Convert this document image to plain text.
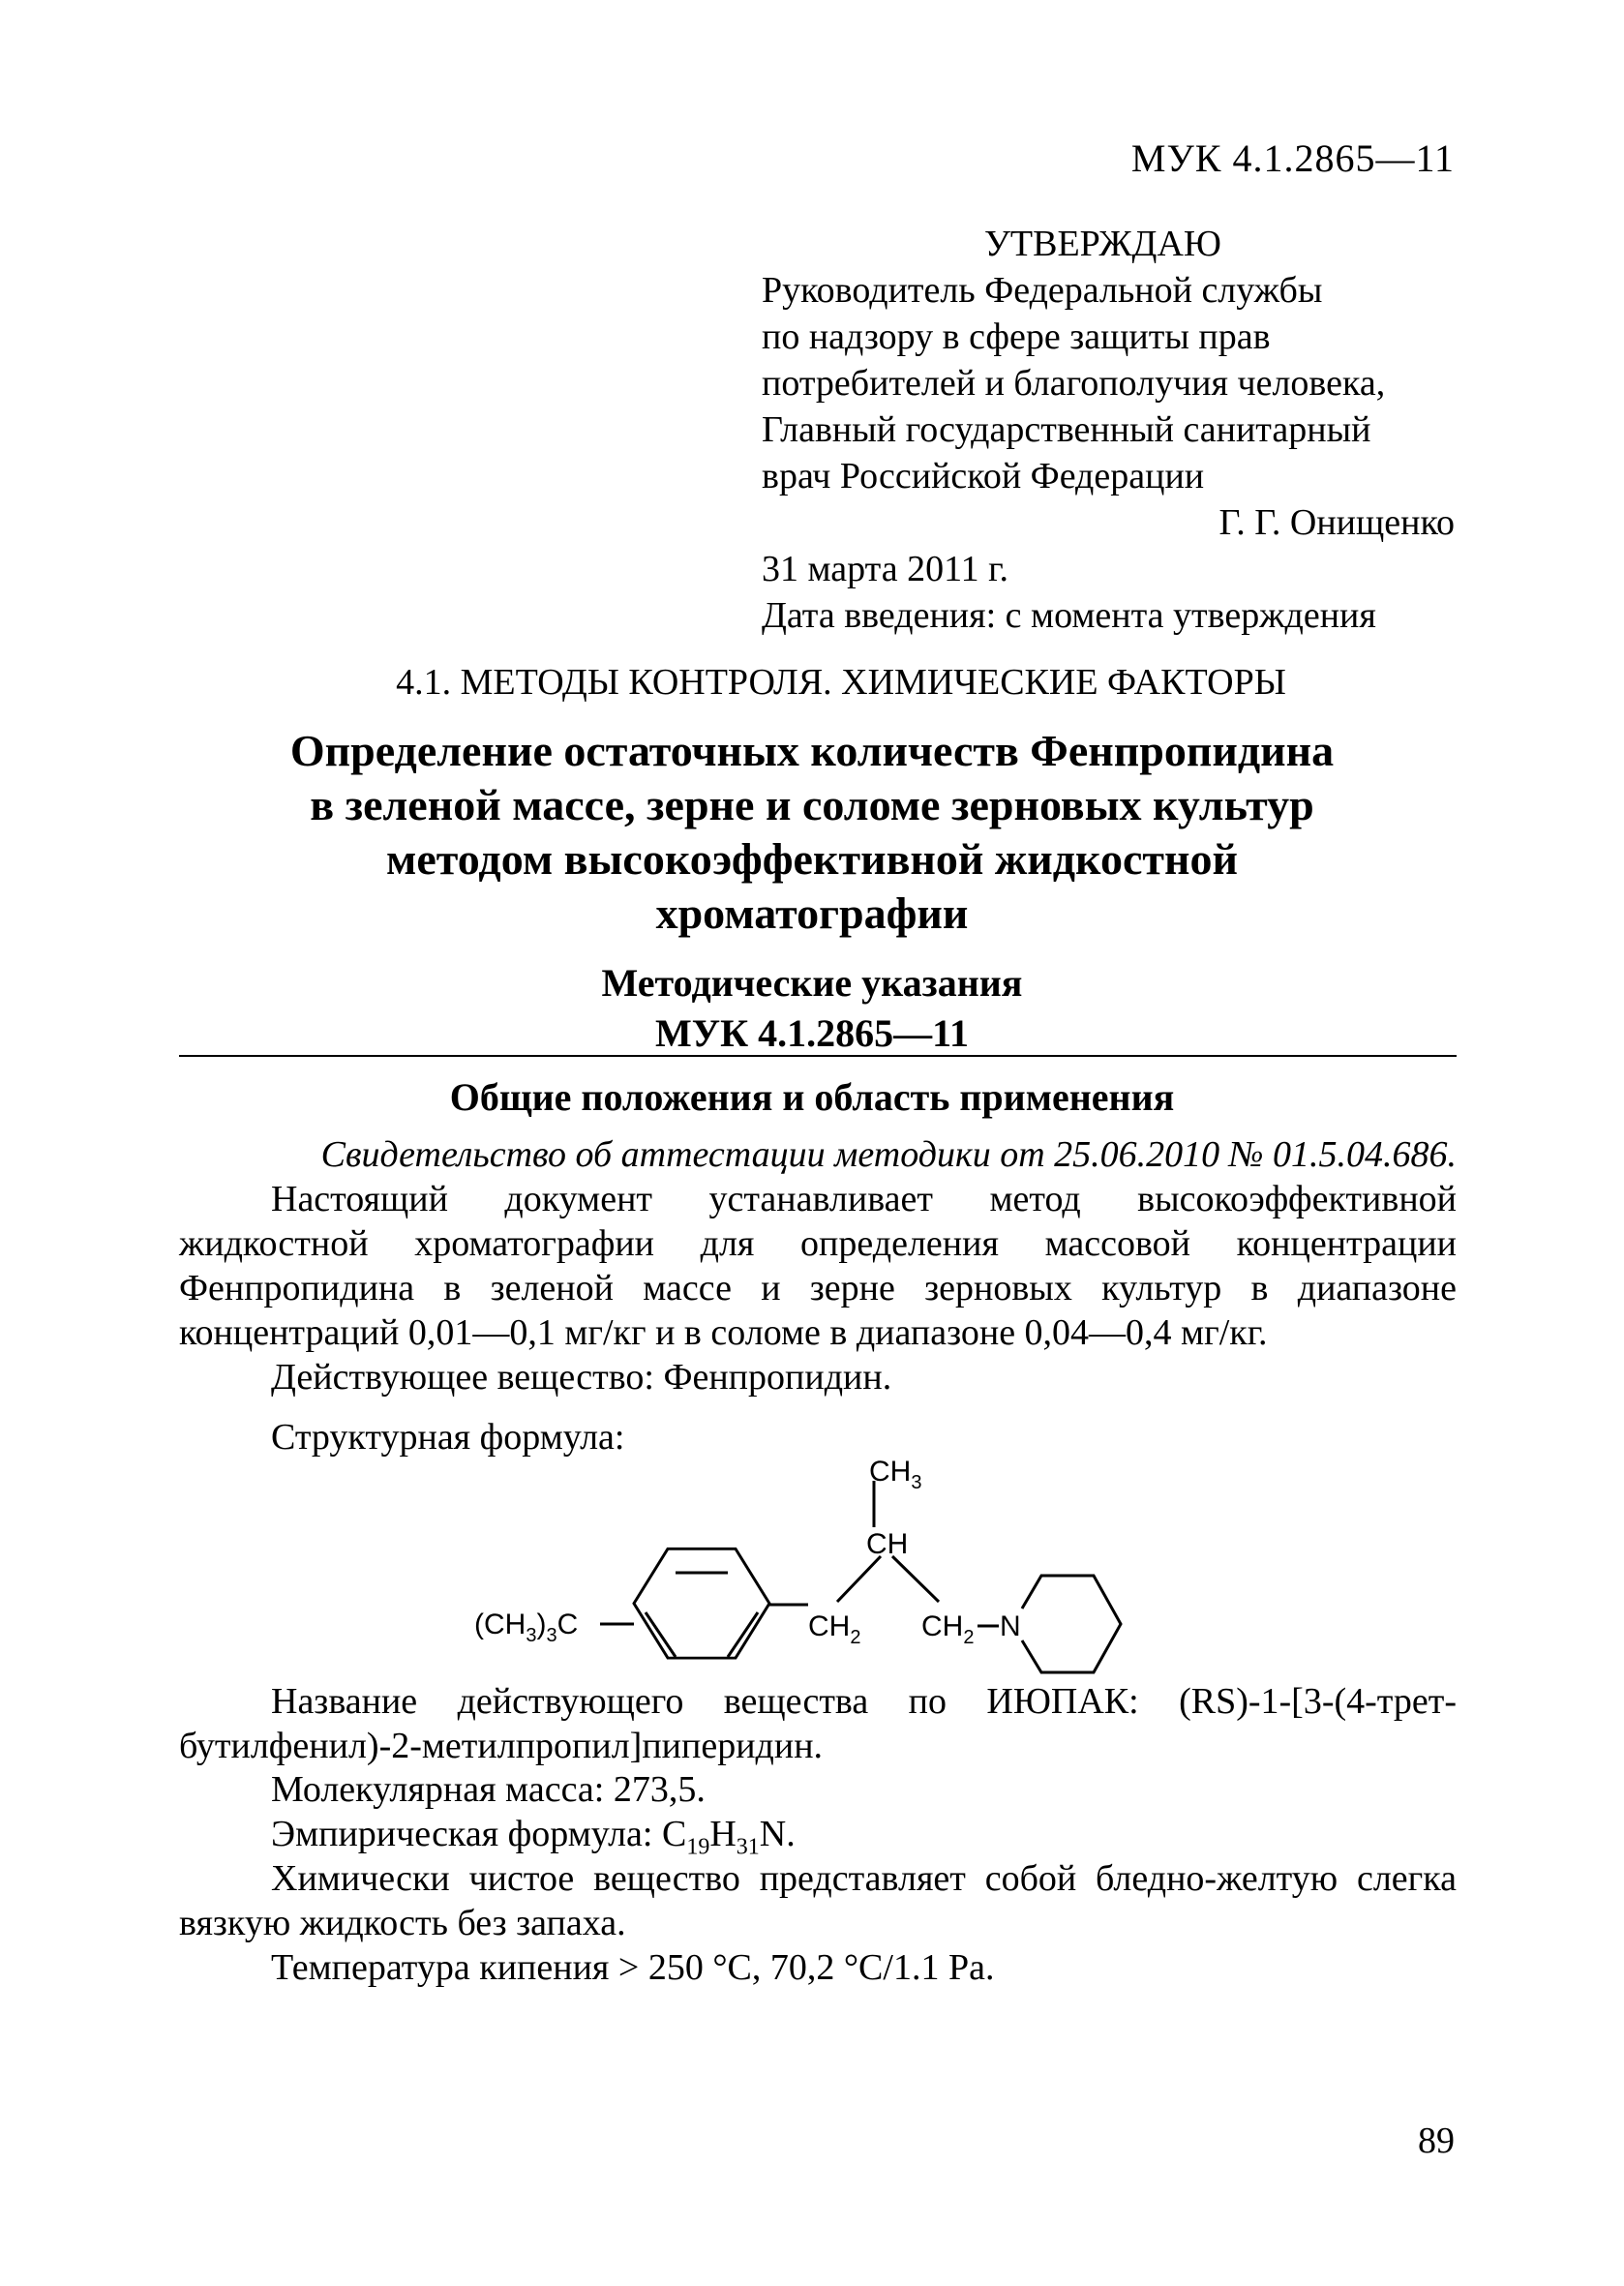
МУК 4.1.2865—11
УТВЕРЖДАЮ
Руководитель Федеральной службы
по надзору в сфере защиты прав
потребителей и благополучия человека,
Главный государственный санитарный
врач Российской Федерации
Г. Г. Онищенко
31 марта 2011 г.
Дата введения: с момента утверждения
4.1. МЕТОДЫ КОНТРОЛЯ. ХИМИЧЕСКИЕ ФАКТОРЫ
Определение остаточных количеств Фенпропидина
в зеленой массе, зерне и соломе зерновых культур
методом высокоэффективной жидкостной
хроматографии
Методические указания
МУК 4.1.2865—11
Общие положения и область применения
Свидетельство об аттестации методики от 25.06.2010 № 01.5.04.686.
Настоящий документ устанавливает метод высокоэффективной жидкостной хроматографии для определения массовой концентрации Фенпропидина в зеленой массе и зерне зерновых культур в диапазоне концентраций 0,01—0,1 мг/кг и в соломе в диапазоне 0,04—0,4 мг/кг.
Действующее вещество: Фенпропидин.
Структурная формула:
$(CH_3)_3C$	$CH_2$
CH
$CH_3$
$CH_2$ N
Название действующего вещества по ИЮПАК: (RS)-1-[3-(4-трет-бутилфенил)-2-метилпропил]пиперидин.
Молекулярная масса: 273,5.
Эмпирическая формула: $C_{19}H_{31}N$.
Химически чистое вещество представляет собой бледно-желтую слегка вязкую жидкость без запаха.
Температура кипения > 250 °C, 70,2 °C/1.1 Pa.
89
